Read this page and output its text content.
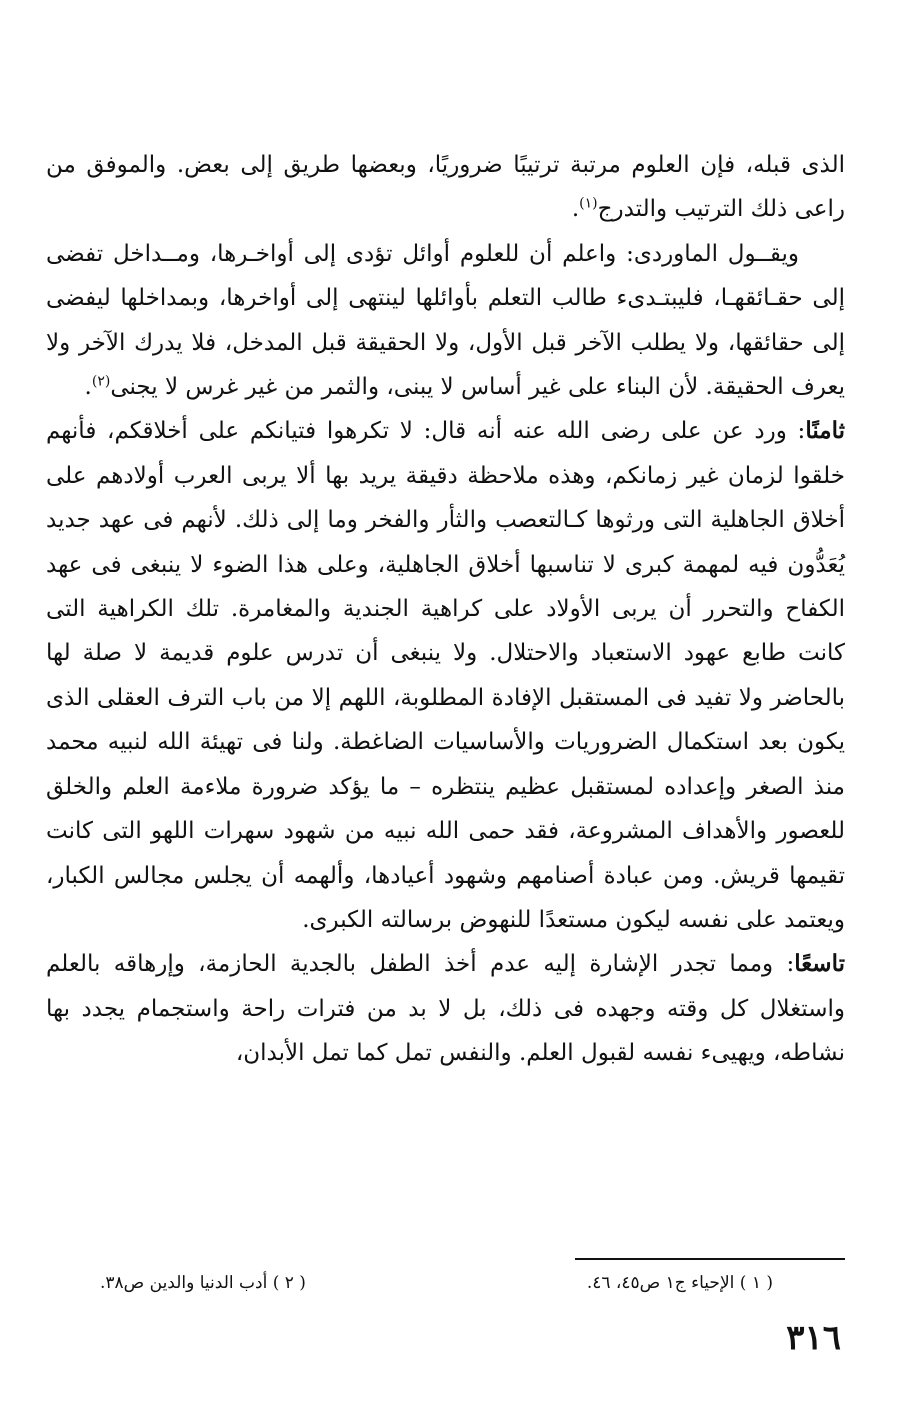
الذى قبله، فإن العلوم مرتبة ترتيبًا ضروريًا، وبعضها طريق إلى بعض. والموفق من راعى ذلك الترتيب والتدرج$^{(١)}$.

ويقــول الماوردى: واعلم أن للعلوم أوائل تؤدى إلى أواخـرها، ومــداخل تفضى إلى حقـائقهـا، فليبتـدىء طالب التعلم بأوائلها لينتهى إلى أواخرها، وبمداخلها ليفضى إلى حقائقها، ولا يطلب الآخر قبل الأول، ولا الحقيقة قبل المدخل، فلا يدرك الآخر ولا يعرف الحقيقة. لأن البناء على غير أساس لا يبنى، والثمر من غير غرس لا يجنى$^{(٢)}$.

ثامنًا: ورد عن على رضى الله عنه أنه قال: لا تكرهوا فتيانكم على أخلاقكم، فأنهم خلقوا لزمان غير زمانكم، وهذه ملاحظة دقيقة يريد بها ألا يربى العرب أولادهم على أخلاق الجاهلية التى ورثوها كـالتعصب والثأر والفخر وما إلى ذلك. لأنهم فى عهد جديد يُعَدُّون فيه لمهمة كبرى لا تناسبها أخلاق الجاهلية، وعلى هذا الضوء لا ينبغى فى عهد الكفاح والتحرر أن يربى الأولاد على كراهية الجندية والمغامرة. تلك الكراهية التى كانت طابع عهود الاستعباد والاحتلال. ولا ينبغى أن تدرس علوم قديمة لا صلة لها بالحاضر ولا تفيد فى المستقبل الإفادة المطلوبة، اللهم إلا من باب الترف العقلى الذى يكون بعد استكمال الضروريات والأساسيات الضاغطة. ولنا فى تهيئة الله لنبيه محمد منذ الصغر وإعداده لمستقبل عظيم ينتظره – ما يؤكد ضرورة ملاءمة العلم والخلق للعصور والأهداف المشروعة، فقد حمى الله نبيه من شهود سهرات اللهو التى كانت تقيمها قريش. ومن عبادة أصنامهم وشهود أعيادها، وألهمه أن يجلس مجالس الكبار، ويعتمد على نفسه ليكون مستعدًا للنهوض برسالته الكبرى.

تاسعًا: ومما تجدر الإشارة إليه عدم أخذ الطفل بالجدية الحازمة، وإرهاقه بالعلم واستغلال كل وقته وجهده فى ذلك، بل لا بد من فترات راحة واستجمام يجدد بها نشاطه، ويهيىء نفسه لقبول العلم. والنفس تمل كما تمل الأبدان،

( ١ ) الإحياء ج١ ص٤٥، ٤٦.
( ٢ ) أدب الدنيا والدين ص٣٨.
٣١٦
